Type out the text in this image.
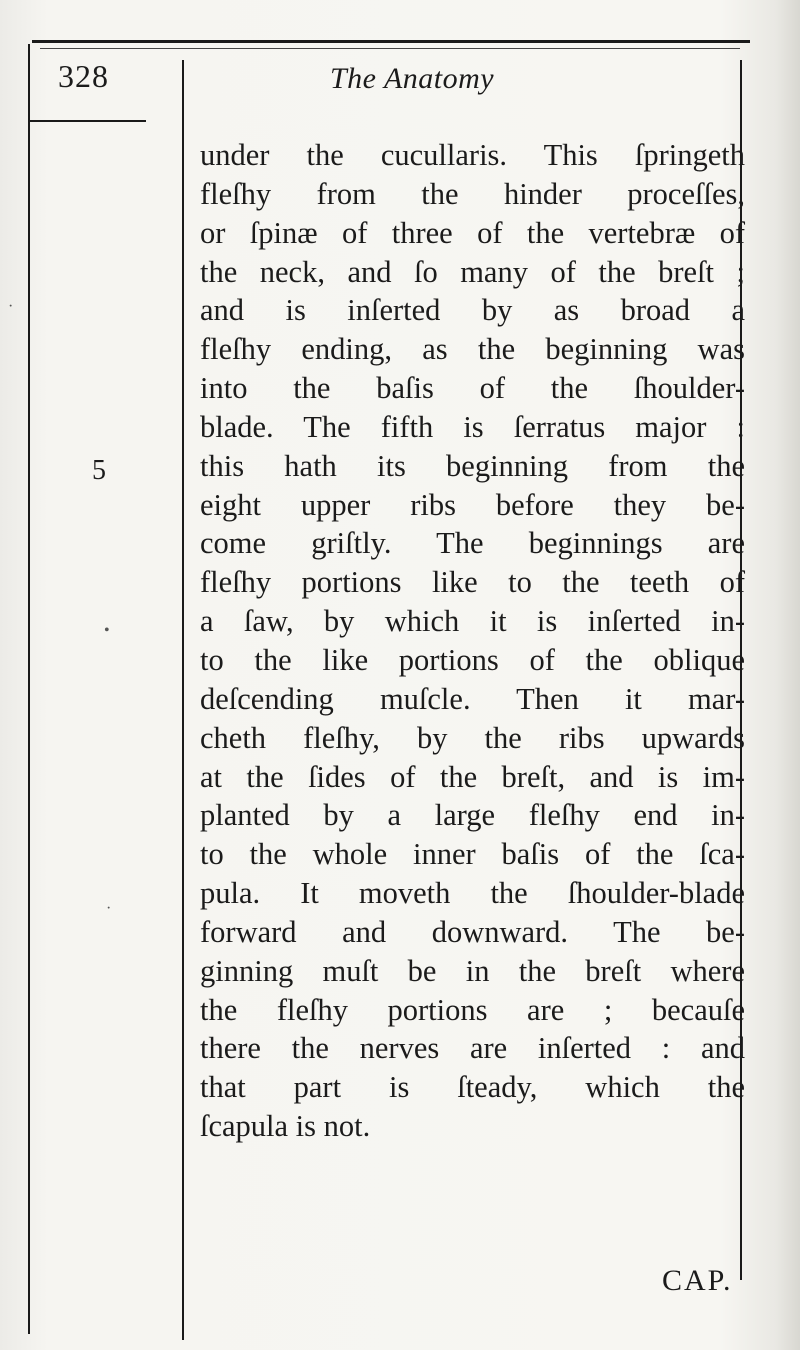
328	The Anatomy
5
under the cucullaris. This ſpringeth
fleſhy from the hinder proceſſes,
or ſpinæ of three of the vertebræ of
the neck, and ſo many of the breſt ;
and is inſerted by as broad a
fleſhy ending, as the beginning was
into the baſis of the ſhoulder-
blade. The fifth is ſerratus major :
this hath its beginning from the
eight upper ribs before they be-
come griſtly. The beginnings are
fleſhy portions like to the teeth of
a ſaw, by which it is inſerted in-
to the like portions of the oblique
deſcending muſcle. Then it mar-
cheth fleſhy, by the ribs upwards
at the ſides of the breſt, and is im-
planted by a large fleſhy end in-
to the whole inner baſis of the ſca-
pula. It moveth the ſhoulder-blade
forward and downward. The be-
ginning muſt be in the breſt where
the fleſhy portions are ; becauſe
there the nerves are inſerted : and
that part is ſteady, which the
ſcapula is not.
CAP.
•
·
·
